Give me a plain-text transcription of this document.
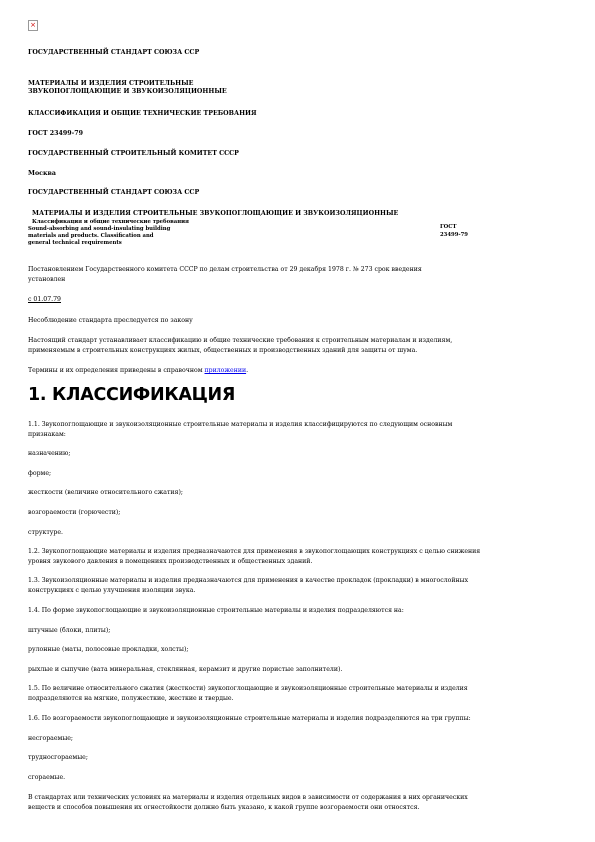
×
ГОСУДАРСТВЕННЫЙ СТАНДАРТ СОЮЗА ССР
МАТЕРИАЛЫ И ИЗДЕЛИЯ СТРОИТЕЛЬНЫЕ
ЗВУКОПОГЛОЩАЮЩИЕ И ЗВУКОИЗОЛЯЦИОННЫЕ
КЛАССИФИКАЦИЯ И ОБЩИЕ ТЕХНИЧЕСКИЕ ТРЕБОВАНИЯ
ГОСТ 23499-79
ГОСУДАРСТВЕННЫЙ СТРОИТЕЛЬНЫЙ КОМИТЕТ СССР
Москва
ГОСУДАРСТВЕННЫЙ СТАНДАРТ СОЮЗА ССР
МАТЕРИАЛЫ И ИЗДЕЛИЯ СТРОИТЕЛЬНЫЕ ЗВУКОПОГЛОЩАЮЩИЕ И ЗВУКОИЗОЛЯЦИОННЫЕ
Классификация и общие технические требования
Sound-absorbing and sound-insulating building
materials and products. Classification and
general technical requirements
ГОСТ
23499-79
Постановлением Государственного комитета СССР по делам строительства от 29 декабря 1978 г. № 273 срок введения
установлен
с 01.07.79
Несоблюдение стандарта преследуется по закону
Настоящий стандарт устанавливает классификацию и общие технические требования к строительным материалам и изделиям,
применяемым в строительных конструкциях жилых, общественных и производственных зданий для защиты от шума.
Термины и их определения приведены в справочном приложении.
1. КЛАССИФИКАЦИЯ
1.1. Звукопоглощающие и звукоизоляционные строительные материалы и изделия классифицируются по следующим основным
признакам:
назначению;
форме;
жесткости (величине относительного сжатия);
возгораемости (горючести);
структуре.
1.2. Звукопоглощающие материалы и изделия предназначаются для применения в звукопоглощающих конструкциях с целью снижения
уровня звукового давления в помещениях производственных и общественных зданий.
1.3. Звукоизоляционные материалы и изделия предназначаются для применения в качестве прокладок (прокладки) в многослойных
конструкциях с целью улучшения изоляции звука.
1.4. По форме звукопоглощающие и звукоизоляционные строительные материалы и изделия подразделяются на:
штучные (блоки, плиты);
рулонные (маты, полосовые прокладки, холсты);
рыхлые и сыпучие (вата минеральная, стеклянная, керамзит и другие пористые заполнители).
1.5. По величине относительного сжатия (жесткости) звукопоглощающие и звукоизоляционные строительные материалы и изделия
подразделяются на мягкие, полужесткие, жесткие и твердые.
1.6. По возгораемости звукопоглощающие и звукоизоляционные строительные материалы и изделия подразделяются на три группы:
несгораемые;
трудносгораемые;
сгораемые.
В стандартах или технических условиях на материалы и изделия отдельных видов в зависимости от содержания в них органических
веществ и способов повышения их огнестойкости должно быть указано, к какой группе возгораемости они относятся.
